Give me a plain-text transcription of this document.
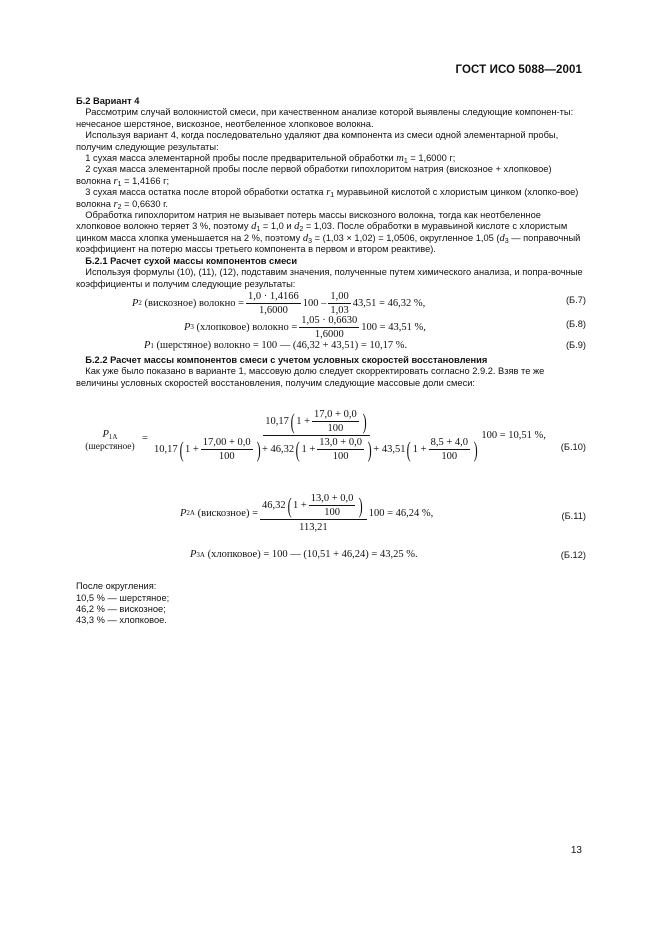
ГОСТ ИСО 5088—2001

Б.2 Вариант 4

 Рассмотрим случай волокнистой смеси, при качественном анализе которой выявлены следующие компонен-ты: нечесаное шерстяное, вискозное, неотбеленное хлопковое волокна.

 Используя вариант 4, когда последовательно удаляют два компонента из смеси одной элементарной пробы, получим следующие результаты:

 1 сухая масса элементарной пробы после предварительной обработки $m_1 = 1,6000$ г;

 2 сухая масса элементарной пробы после первой обработки гипохлоритом натрия (вискозное + хлопковое) волокна $r_1 = 1,4166$ г;

 3 сухая масса остатка после второй обработки остатка $r_1$ муравьиной кислотой с хлористым цинком (хлопко-вое) волокна $r_2 = 0,6630$ г.

 Обработка гипохлоритом натрия не вызывает потерь массы вискозного волокна, тогда как неотбеленное хлопковое волокно теряет 3 %, поэтому $d_1 = 1,0$ и $d_2 = 1,03$. После обработки в муравьиной кислоте с хлористым цинком масса хлопка уменьшается на 2 %, поэтому $d_3 = (1,03 \times 1,02) = 1,0506$, округленное 1,05 ($d_3$ — поправочный коэффициент на потерю массы третьего компонента в первом и втором реактиве).

 Б.2.1 Расчет сухой массы компонентов смеси

 Используя формулы (10), (11), (12), подставим значения, полученные путем химического анализа, и попра-вочные коэффициенты и получим следующие результаты:

P 2
(вискозное) волокно = $\frac{1,0 \cdot 1,4166}{1,6000} 100 - \frac{1,00}{1,03} 43,51 = 46,32$ %,	(Б.7)
P 3
(хлопковое) волокно = $\frac{1,05 \cdot 0,6630}{1,6000} 100 = 43,51$ %,	(Б.8)
P 1
(шерстяное) волокно = 100 — (46,32 + 43,51) = 10,17 %.	(Б.9)

 Б.2.2 Расчет массы компонентов смеси с учетом условных скоростей восстановления

 Как уже было показано в варианте 1, массовую долю следует скорректировать согласно 2.9.2. Взяв те же величины условных скоростей восстановления, получим следующие массовые доли смеси:

$P_{1А}$
(шерстяное)
=
10,17 ( $1 + \frac{17,0 + 0,0}{100}$ )
10,17 ( $1 + \frac{17,00 + 0,0}{100}$ ) + 46,32 ( $1 + \frac{13,0 + 0,0}{100}$ ) + 43,51 ( $1 + \frac{8,5 + 4,0}{100}$ )
100 = 10,51 %,
(Б.10)
P 2А
(вискозное) = $\frac{46,32 ( 1 + \frac{13,0 + 0,0}{100} )}{113,21} 100 = 46,24$ %,	(Б.11)
P 3А
(хлопковое) = 100 — (10,51 + 46,24) = 43,25 %.	(Б.12)

После округления:

10,5 % — шерстяное;

46,2 % — вискозное;

43,3 % — хлопковое.

13
